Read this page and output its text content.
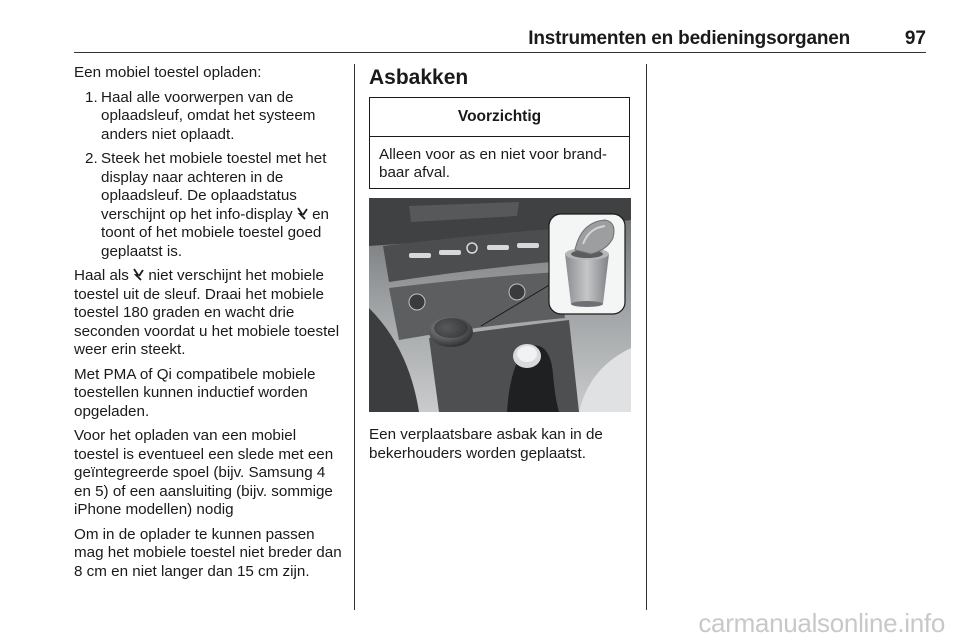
Instrumenten en bedieningsorganen	97

Een mobiel toestel opladen:

1. Haal alle voorwerpen van de oplaadsleuf, omdat het systeem anders niet oplaadt.
2. Steek het mobiele toestel met het display naar achteren in de oplaadsleuf. De oplaadstatus verschijnt op het info-display en toont of het mobiele toestel goed geplaatst is.

Haal als niet verschijnt het mobiele toestel uit de sleuf. Draai het mobiele toestel 180 graden en wacht drie seconden voordat u het mobiele toestel weer erin steekt.

Met PMA of Qi compatibele mobiele toestellen kunnen inductief worden opgeladen.

Voor het opladen van een mobiel toestel is eventueel een slede met een geïntegreerde spoel (bijv. Samsung 4 en 5) of een aansluiting (bijv. sommige iPhone modellen) nodig

Om in de oplader te kunnen passen mag het mobiele toestel niet breder dan 8 cm en niet langer dan 15 cm zijn.

Asbakken
Voorzichtig
Alleen voor as en niet voor brand-baar afval.
Een verplaatsbare asbak kan in de bekerhouders worden geplaatst.
carmanualsonline.info
